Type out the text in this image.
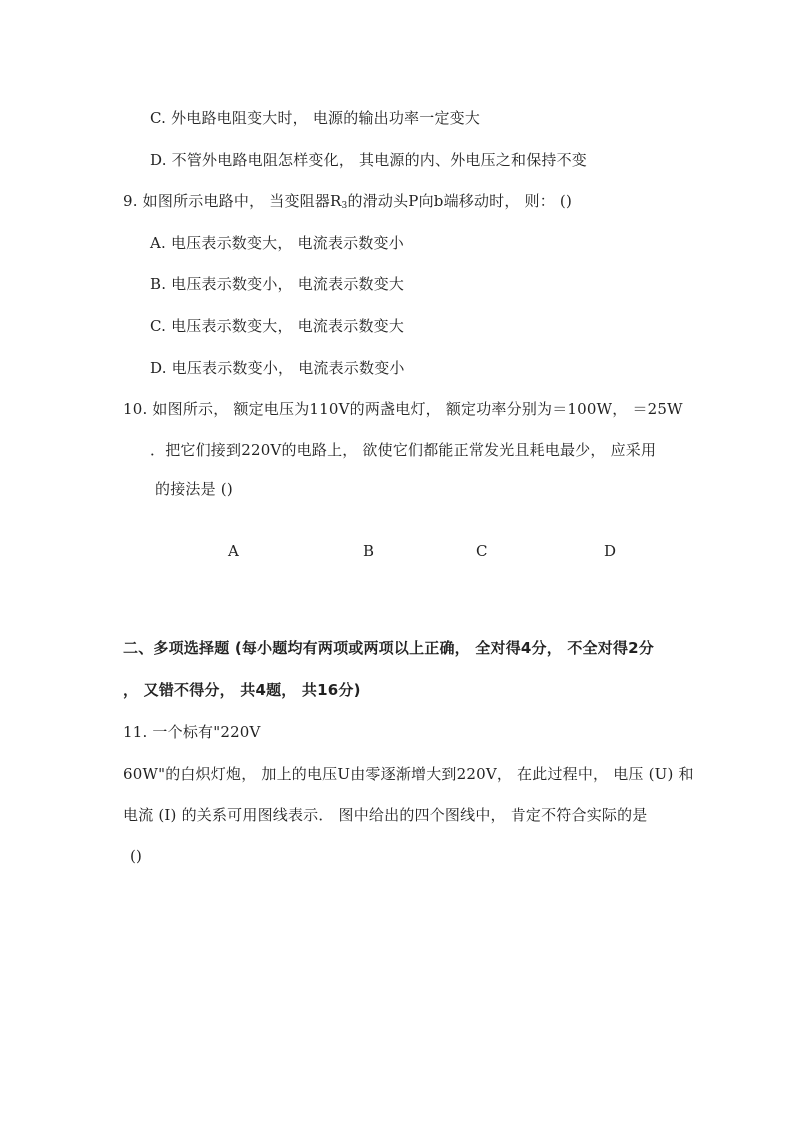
C. 外电路电阻变大时， 电源的输出功率一定变大
D. 不管外电路电阻怎样变化， 其电源的内、外电压之和保持不变
9. 如图所示电路中， 当变阻器$R_3$的滑动头P向b端移动时， 则： ()
A. 电压表示数变大， 电流表示数变小
B. 电压表示数变小， 电流表示数变大
C. 电压表示数变大， 电流表示数变大
D. 电压表示数变小， 电流表示数变小
10. 如图所示， 额定电压为110V的两盏电灯， 额定功率分别为＝100W， ＝25W
．把它们接到220V的电路上， 欲使它们都能正常发光且耗电最少， 应采用
的接法是 ()
A	B	C	D
二、多项选择题 (每小题均有两项或两项以上正确， 全对得4分， 不全对得2分
， 又错不得分， 共4题， 共16分)
11. 一个标有"220V
60W"的白炽灯炮， 加上的电压U由零逐渐增大到220V， 在此过程中， 电压 (U) 和
电流 (I) 的关系可用图线表示． 图中给出的四个图线中， 肯定不符合实际的是
()
